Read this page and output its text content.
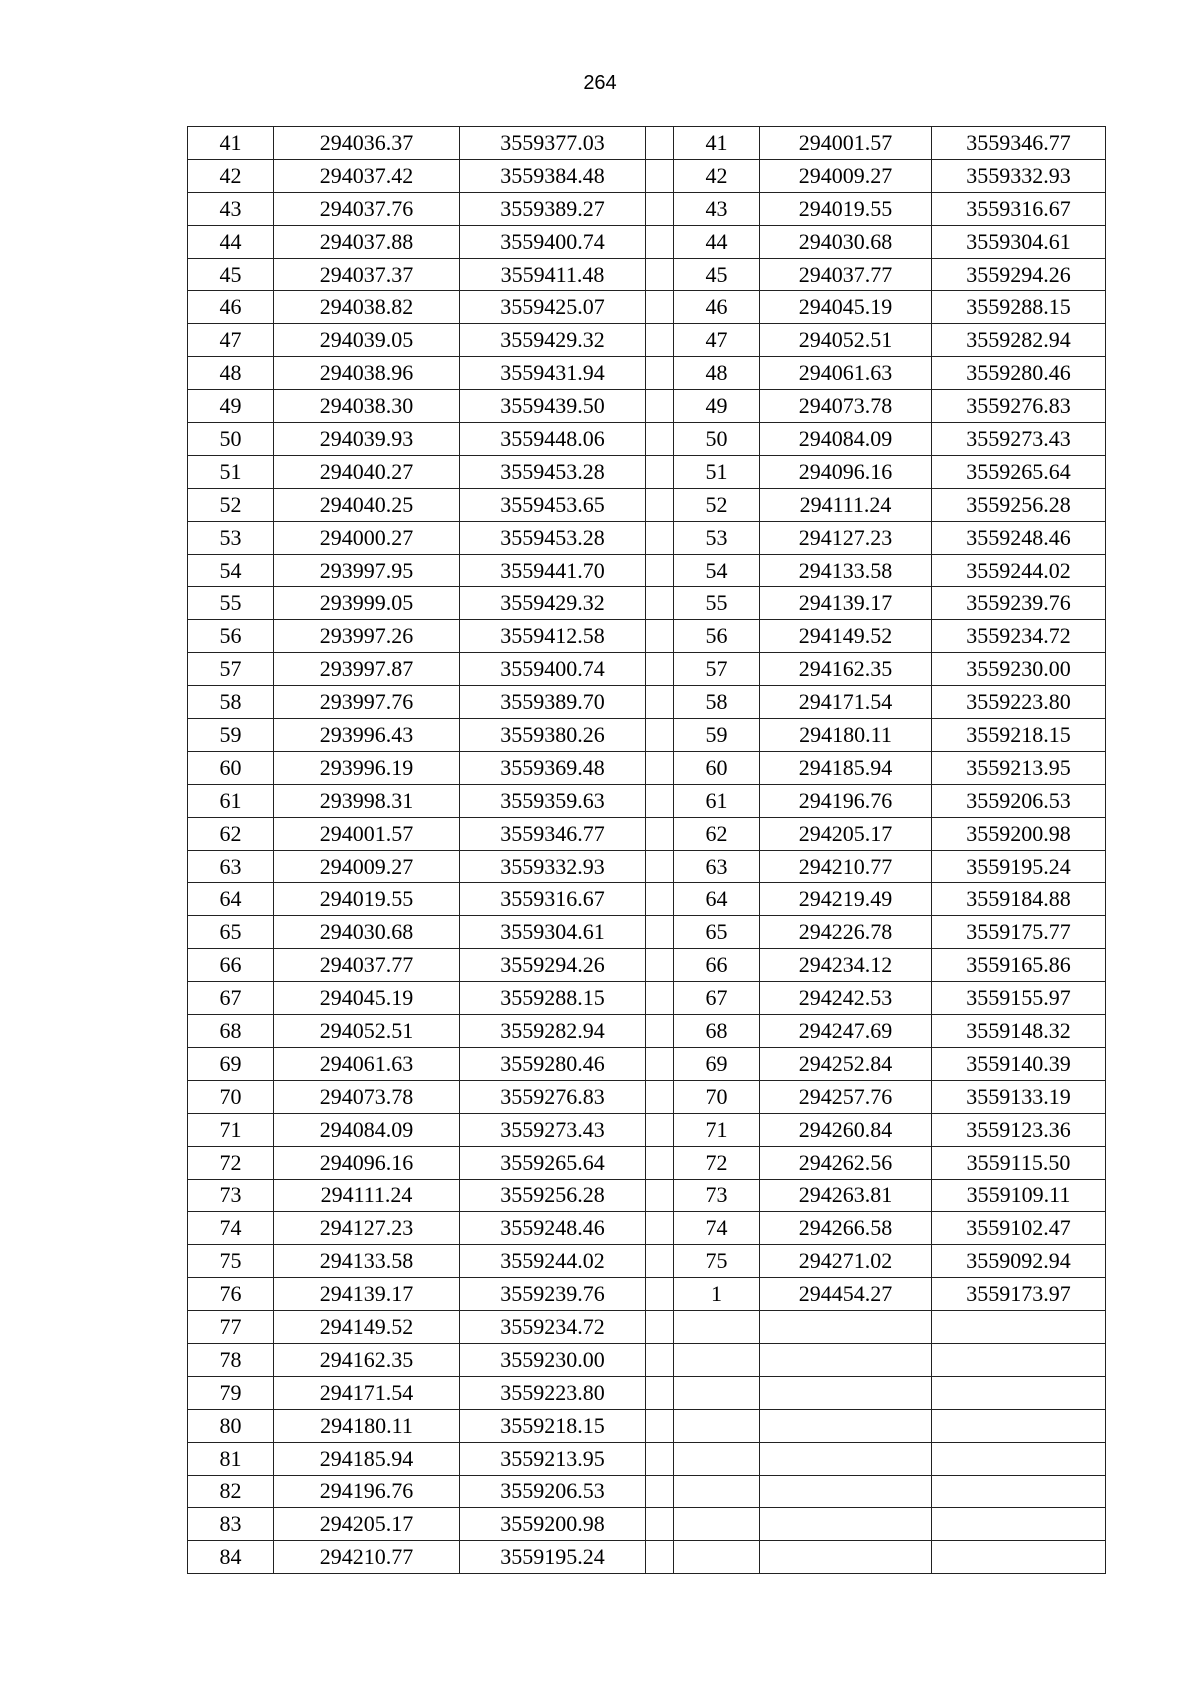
264
41	294036.37	3559377.03		41	294001.57	3559346.77
42	294037.42	3559384.48		42	294009.27	3559332.93
43	294037.76	3559389.27		43	294019.55	3559316.67
44	294037.88	3559400.74		44	294030.68	3559304.61
45	294037.37	3559411.48		45	294037.77	3559294.26
46	294038.82	3559425.07		46	294045.19	3559288.15
47	294039.05	3559429.32		47	294052.51	3559282.94
48	294038.96	3559431.94		48	294061.63	3559280.46
49	294038.30	3559439.50		49	294073.78	3559276.83
50	294039.93	3559448.06		50	294084.09	3559273.43
51	294040.27	3559453.28		51	294096.16	3559265.64
52	294040.25	3559453.65		52	294111.24	3559256.28
53	294000.27	3559453.28		53	294127.23	3559248.46
54	293997.95	3559441.70		54	294133.58	3559244.02
55	293999.05	3559429.32		55	294139.17	3559239.76
56	293997.26	3559412.58		56	294149.52	3559234.72
57	293997.87	3559400.74		57	294162.35	3559230.00
58	293997.76	3559389.70		58	294171.54	3559223.80
59	293996.43	3559380.26		59	294180.11	3559218.15
60	293996.19	3559369.48		60	294185.94	3559213.95
61	293998.31	3559359.63		61	294196.76	3559206.53
62	294001.57	3559346.77		62	294205.17	3559200.98
63	294009.27	3559332.93		63	294210.77	3559195.24
64	294019.55	3559316.67		64	294219.49	3559184.88
65	294030.68	3559304.61		65	294226.78	3559175.77
66	294037.77	3559294.26		66	294234.12	3559165.86
67	294045.19	3559288.15		67	294242.53	3559155.97
68	294052.51	3559282.94		68	294247.69	3559148.32
69	294061.63	3559280.46		69	294252.84	3559140.39
70	294073.78	3559276.83		70	294257.76	3559133.19
71	294084.09	3559273.43		71	294260.84	3559123.36
72	294096.16	3559265.64		72	294262.56	3559115.50
73	294111.24	3559256.28		73	294263.81	3559109.11
74	294127.23	3559248.46		74	294266.58	3559102.47
75	294133.58	3559244.02		75	294271.02	3559092.94
76	294139.17	3559239.76		1	294454.27	3559173.97
77	294149.52	3559234.72				
78	294162.35	3559230.00				
79	294171.54	3559223.80				
80	294180.11	3559218.15				
81	294185.94	3559213.95				
82	294196.76	3559206.53				
83	294205.17	3559200.98				
84	294210.77	3559195.24				
